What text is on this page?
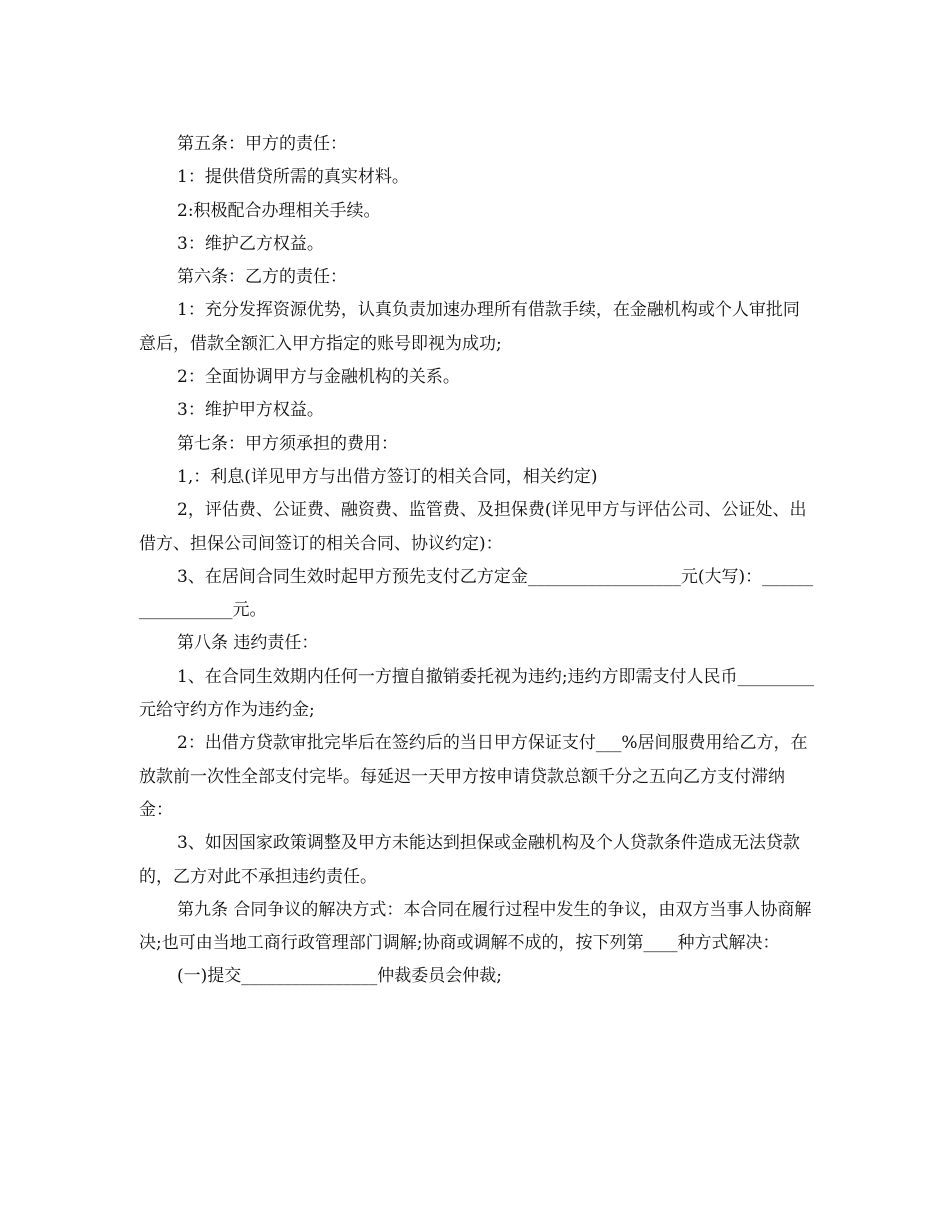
第五条：甲方的责任：

1：提供借贷所需的真实材料。

2:积极配合办理相关手续。

3：维护乙方权益。

第六条：乙方的责任：

1：充分发挥资源优势，认真负责加速办理所有借款手续，在金融机构或个人审批同意后，借款全额汇入甲方指定的账号即视为成功;

2：全面协调甲方与金融机构的关系。

3：维护甲方权益。

第七条：甲方须承担的费用：

1,：利息(详见甲方与出借方签订的相关合同，相关约定)

2，评估费、公证费、融资费、监管费、及担保费(详见甲方与评估公司、公证处、出借方、担保公司间签订的相关合同、协议约定)：

3、在居间合同生效时起甲方预先支付乙方定金__________________元(大写)：_________________元。

第八条 违约责任：

1、在合同生效期内任何一方擅自撤销委托视为违约;违约方即需支付人民币_________元给守约方作为违约金;

2：出借方贷款审批完毕后在签约后的当日甲方保证支付___%居间服费用给乙方，在放款前一次性全部支付完毕。每延迟一天甲方按申请贷款总额千分之五向乙方支付滞纳金：

3、如因国家政策调整及甲方未能达到担保或金融机构及个人贷款条件造成无法贷款的，乙方对此不承担违约责任。

第九条 合同争议的解决方式：本合同在履行过程中发生的争议，由双方当事人协商解决;也可由当地工商行政管理部门调解;协商或调解不成的，按下列第____种方式解决：

(一)提交________________仲裁委员会仲裁;
